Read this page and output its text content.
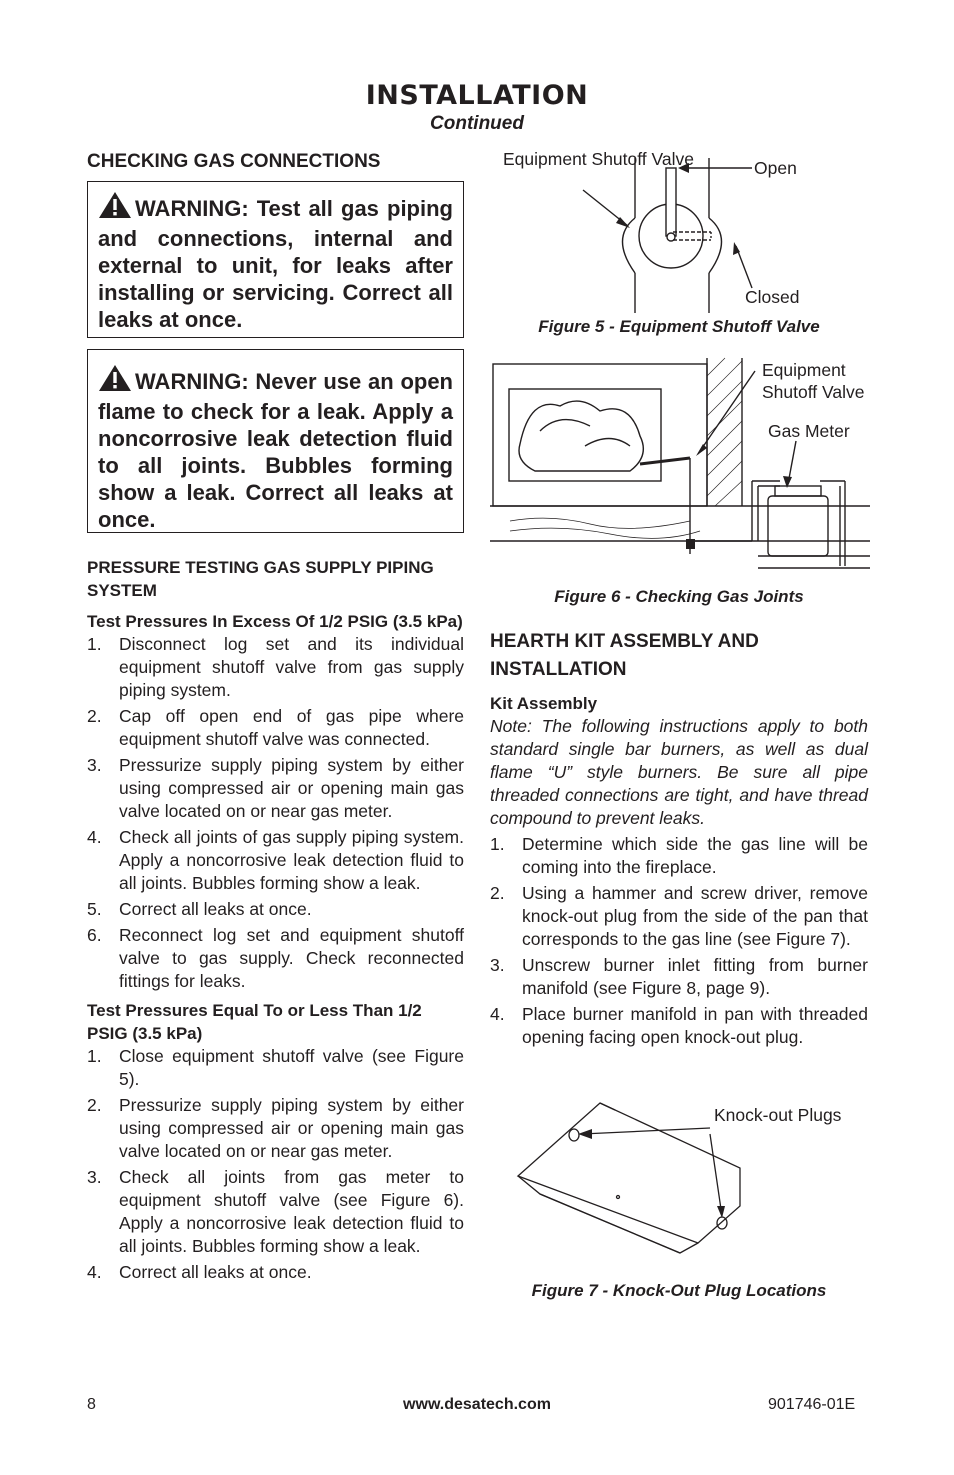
INSTALLATION
Continued
CHECKING GAS CONNECTIONS
WARNING: Test all gas piping and connections, internal and external to unit, for leaks after installing or servicing. Correct all leaks at once.
WARNING: Never use an open flame to check for a leak. Apply a noncorrosive leak detection fluid to all joints. Bubbles forming show a leak. Correct all leaks at once.
PRESSURE TESTING GAS SUPPLY PIPING SYSTEM
Test Pressures In Excess Of 1/2 PSIG (3.5 kPa)
1. Disconnect log set and its individual equipment shutoff valve from gas supply piping system.
2. Cap off open end of gas pipe where equipment shutoff valve was connected.
3. Pressurize supply piping system by either using compressed air or opening main gas valve located on or near gas meter.
4. Check all joints of gas supply piping system. Apply a noncorrosive leak detection fluid to all joints. Bubbles forming show a leak.
5. Correct all leaks at once.
6. Reconnect log set and equipment shutoff valve to gas supply. Check reconnected fittings for leaks.
Test Pressures Equal To or Less Than 1/2 PSIG (3.5 kPa)
1. Close equipment shutoff valve (see Figure 5).
2. Pressurize supply piping system by either using compressed air or opening main gas valve located on or near gas meter.
3. Check all joints from gas meter to equipment shutoff valve (see Figure 6). Apply a noncorrosive leak detection fluid to all joints. Bubbles forming show a leak.
4. Correct all leaks at once.
Equipment Shutoff Valve	Open
Closed
Figure 5 - Equipment Shutoff Valve
Equipment Shutoff Valve
Gas Meter
Figure 6 - Checking Gas Joints
HEARTH KIT ASSEMBLY AND INSTALLATION
Kit Assembly
Note: The following instructions apply to both standard single bar burners, as well as dual flame “U” style burners. Be sure all pipe threaded connections are tight, and have thread compound to prevent leaks.
1. Determine which side the gas line will be coming into the fireplace.
2. Using a hammer and screw driver, remove knock-out plug from the side of the pan that corresponds to the gas line (see Figure 7).
3. Unscrew burner inlet fitting from burner manifold (see Figure 8, page 9).
4. Place burner manifold in pan with threaded opening facing open knock-out plug.
Knock-out Plugs
Figure 7 - Knock-Out Plug Locations
8	www.desatech.com	901746-01E
